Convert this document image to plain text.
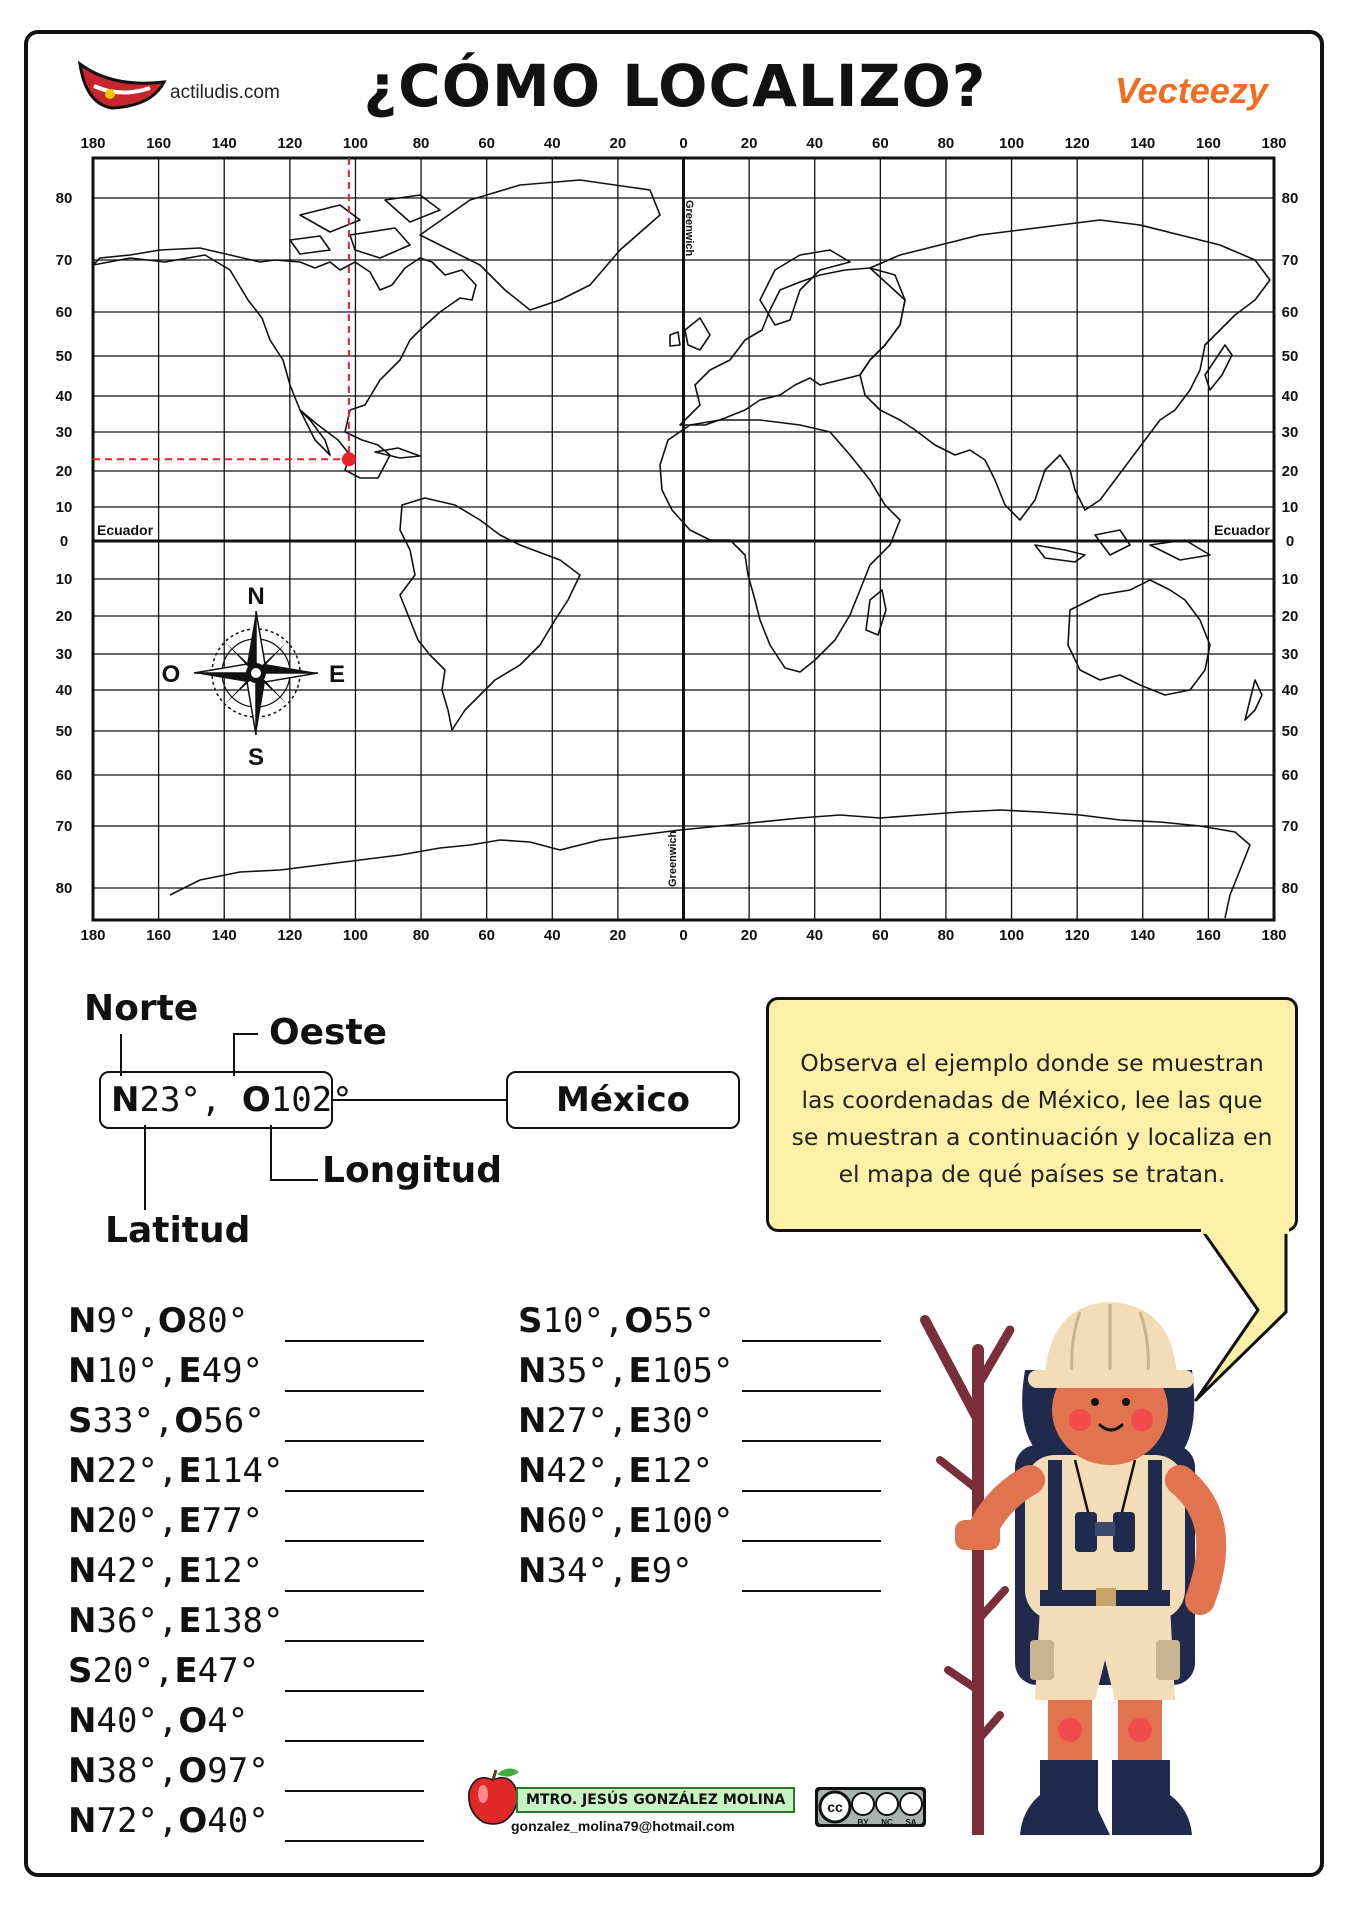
actiludis.com	¿CÓMO LOCALIZO?	Vecteezy
180
180
160
160
140
140
120
120
100
100
80
80
60
60
40
40
20
20
0
0
20
20
40
40
60
60
80
80
100
100
120
120
140
140
160
160
180
180
80	80
70	70
60	60
50	50
40	40
30	30
20	20
10	10
0	0
10	10
20	20
30	30
40	40
50	50
60	60
70	70
80	80
Ecuador	Ecuador
Greenwich
Greenwich
N
S
E
O
Norte
Oeste
Longitud
Latitud
N23°, O102°	México
Observa el ejemplo donde se muestran las coordenadas de México, lee las que se muestran a continuación y localiza en el mapa de qué países se tratan.
N9°,O80°
N10°,E49°
S33°,O56°
N22°,E114°
N20°,E77°
N42°,E12°
N36°,E138°
S20°,E47°
N40°,O4°
N38°,O97°
N72°,O40°
S10°,O55°
N35°,E105°
N27°,E30°
N42°,E12°
N60°,E100°
N34°,E9°
MTRO. JESÚS GONZÁLEZ MOLINA
gonzalez_molina79@hotmail.com
cc
BY NC SA
